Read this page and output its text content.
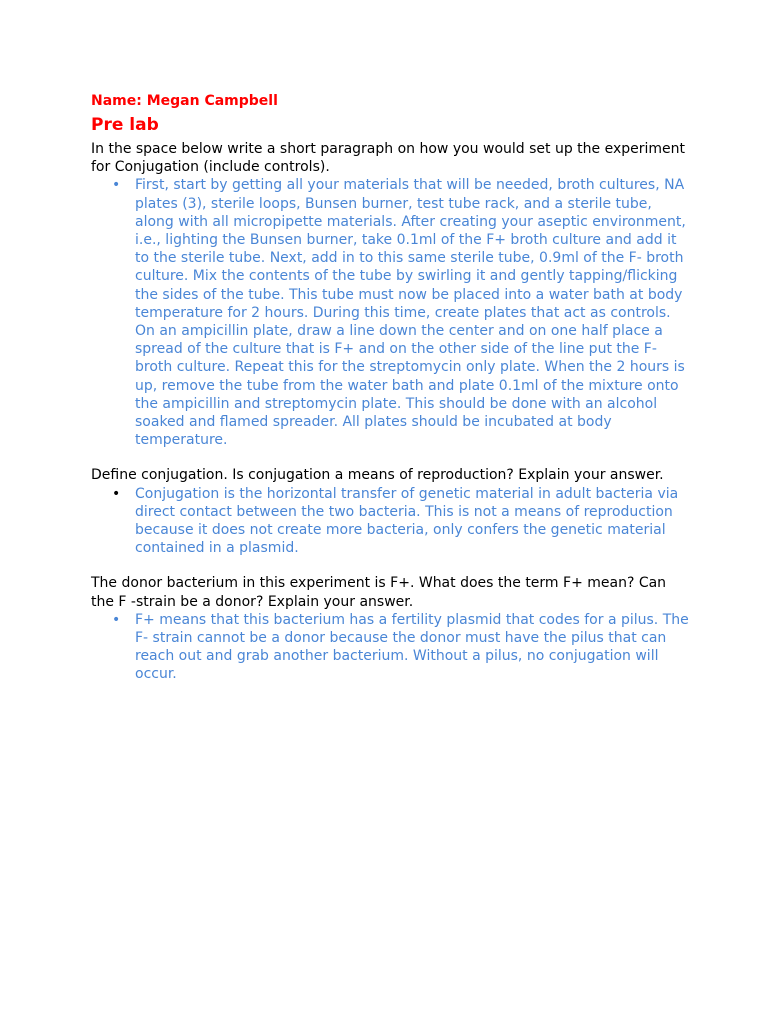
Name: Megan Campbell

Pre lab

In the space below write a short paragraph on how you would set up the experiment for Conjugation (include controls).

• First, start by getting all your materials that will be needed, broth cultures, NA plates (3), sterile loops, Bunsen burner, test tube rack, and a sterile tube, along with all micropipette materials. After creating your aseptic environment, i.e., lighting the Bunsen burner, take 0.1ml of the F+ broth culture and add it to the sterile tube. Next, add in to this same sterile tube, 0.9ml of the F- broth culture. Mix the contents of the tube by swirling it and gently tapping/flicking the sides of the tube. This tube must now be placed into a water bath at body temperature for 2 hours. During this time, create plates that act as controls. On an ampicillin plate, draw a line down the center and on one half place a spread of the culture that is F+ and on the other side of the line put the F- broth culture. Repeat this for the streptomycin only plate. When the 2 hours is up, remove the tube from the water bath and plate 0.1ml of the mixture onto the ampicillin and streptomycin plate. This should be done with an alcohol soaked and flamed spreader. All plates should be incubated at body temperature.

Define conjugation. Is conjugation a means of reproduction? Explain your answer.

• Conjugation is the horizontal transfer of genetic material in adult bacteria via direct contact between the two bacteria. This is not a means of reproduction because it does not create more bacteria, only confers the genetic material contained in a plasmid.

The donor bacterium in this experiment is F+. What does the term F+ mean? Can the F -strain be a donor? Explain your answer.

• F+ means that this bacterium has a fertility plasmid that codes for a pilus. The F- strain cannot be a donor because the donor must have the pilus that can reach out and grab another bacterium. Without a pilus, no conjugation will occur.
